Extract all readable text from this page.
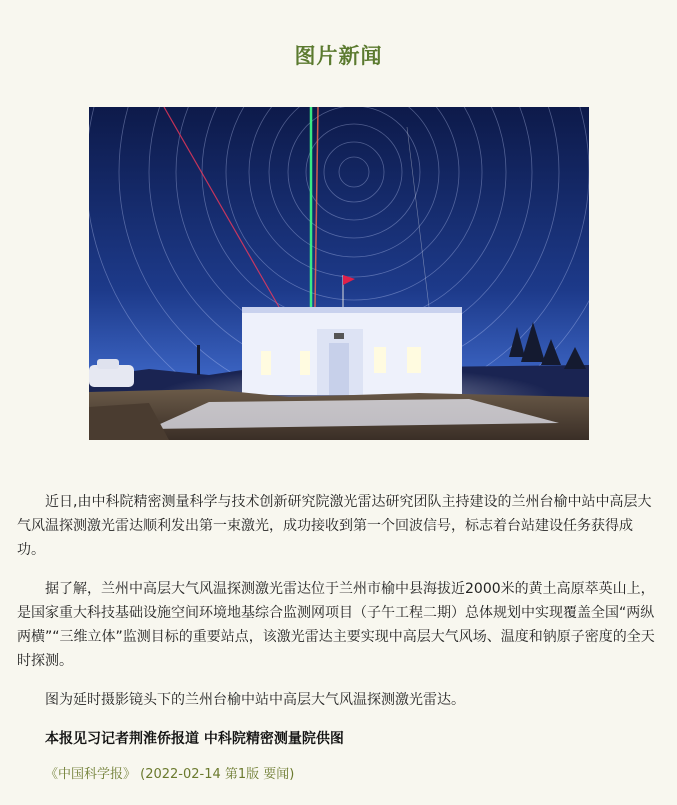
图片新闻

近日,由中科院精密测量科学与技术创新研究院激光雷达研究团队主持建设的兰州台榆中站中高层大气风温探测激光雷达顺利发出第一束激光，成功接收到第一个回波信号，标志着台站建设任务获得成功。

据了解，兰州中高层大气风温探测激光雷达位于兰州市榆中县海拔近2000米的黄土高原萃英山上，是国家重大科技基础设施空间环境地基综合监测网项目（子午工程二期）总体规划中实现覆盖全国“两纵两横”“三维立体”监测目标的重要站点，该激光雷达主要实现中高层大气风场、温度和钠原子密度的全天时探测。

图为延时摄影镜头下的兰州台榆中站中高层大气风温探测激光雷达。

本报见习记者荆淮侨报道 中科院精密测量院供图
《中国科学报》 (2022-02-14 第1版 要闻)
